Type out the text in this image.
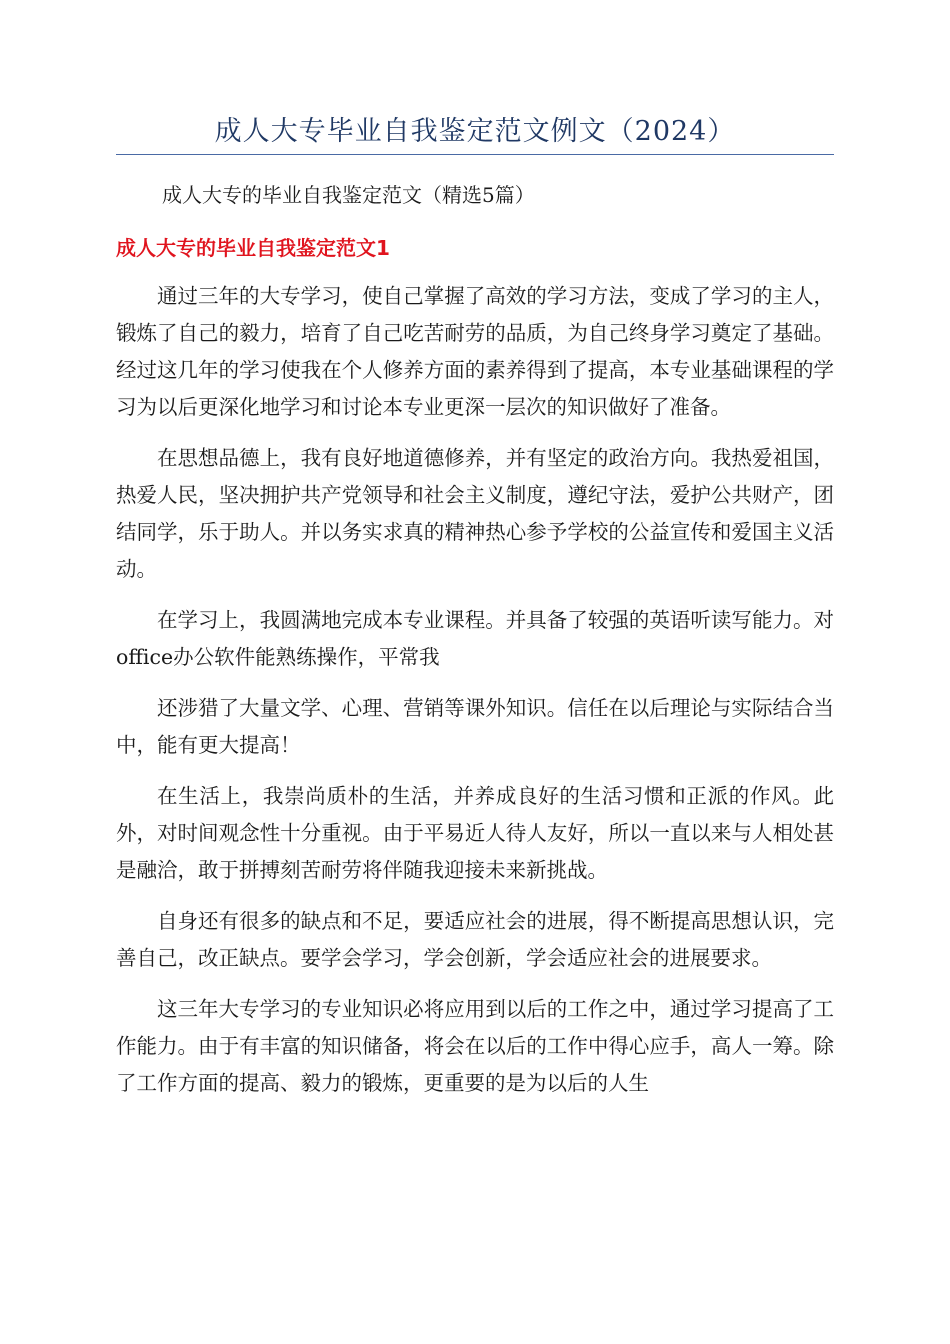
成人大专毕业自我鉴定范文例文（2024）

成人大专的毕业自我鉴定范文（精选5篇）

成人大专的毕业自我鉴定范文1

通过三年的大专学习，使自己掌握了高效的学习方法，变成了学习的主人，锻炼了自己的毅力，培育了自己吃苦耐劳的品质，为自己终身学习奠定了基础。经过这几年的学习使我在个人修养方面的素养得到了提高，本专业基础课程的学习为以后更深化地学习和讨论本专业更深一层次的知识做好了准备。

在思想品德上，我有良好地道德修养，并有坚定的政治方向。我热爱祖国，热爱人民，坚决拥护共产党领导和社会主义制度，遵纪守法，爱护公共财产，团结同学，乐于助人。并以务实求真的精神热心参予学校的公益宣传和爱国主义活动。

在学习上，我圆满地完成本专业课程。并具备了较强的英语听读写能力。对office办公软件能熟练操作，平常我

还涉猎了大量文学、心理、营销等课外知识。信任在以后理论与实际结合当中，能有更大提高！

在生活上，我崇尚质朴的生活，并养成良好的生活习惯和正派的作风。此外，对时间观念性十分重视。由于平易近人待人友好，所以一直以来与人相处甚是融洽，敢于拼搏刻苦耐劳将伴随我迎接未来新挑战。

自身还有很多的缺点和不足，要适应社会的进展，得不断提高思想认识，完善自己，改正缺点。要学会学习，学会创新，学会适应社会的进展要求。

这三年大专学习的专业知识必将应用到以后的工作之中，通过学习提高了工作能力。由于有丰富的知识储备，将会在以后的工作中得心应手，高人一筹。除了工作方面的提高、毅力的锻炼，更重要的是为以后的人生
